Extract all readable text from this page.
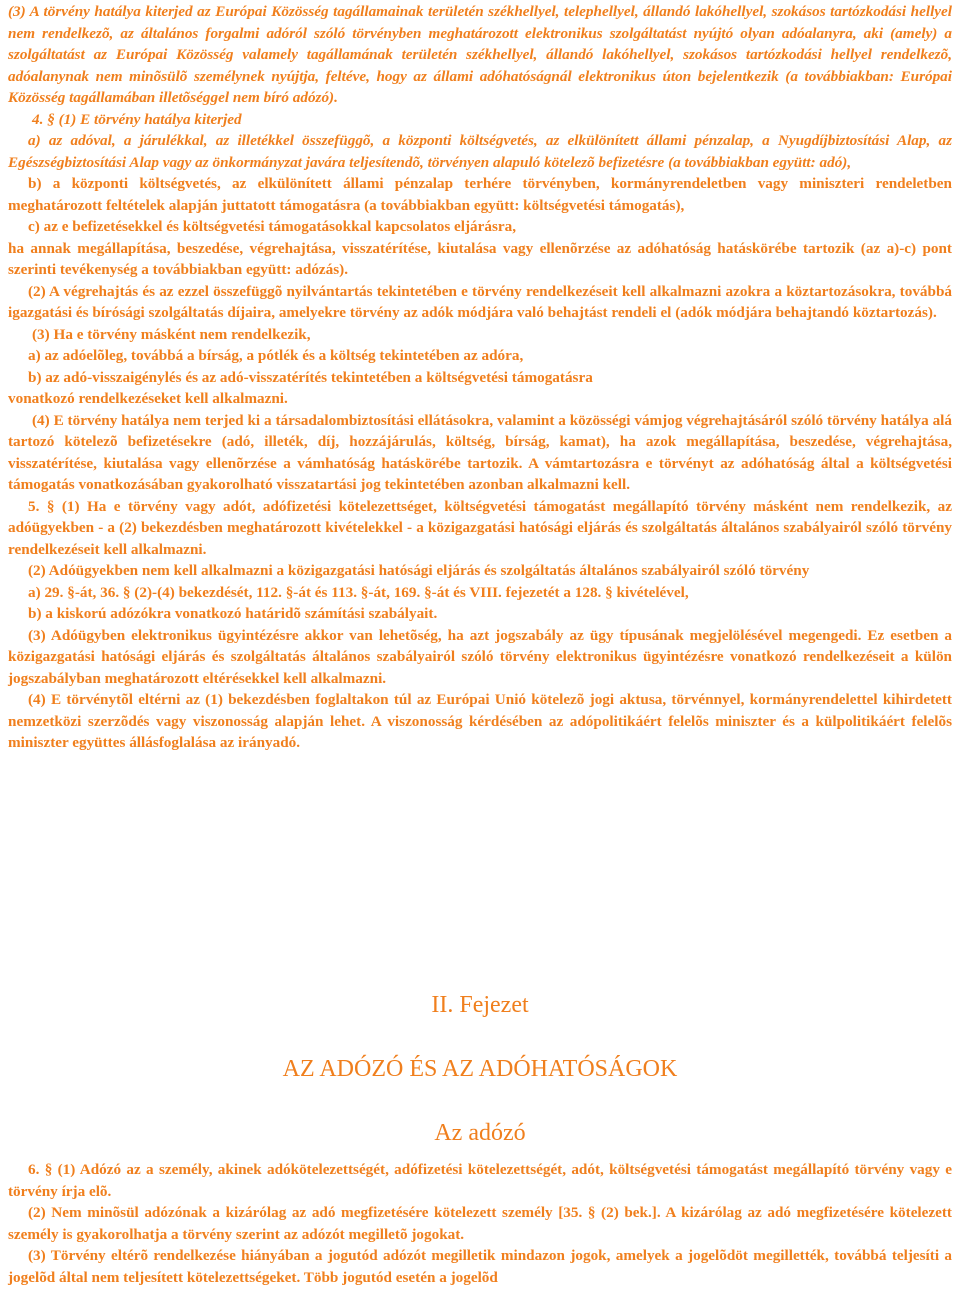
(3) A törvény hatálya kiterjed az Európai Közösség tagállamainak területén székhellyel, telephellyel, állandó lakóhellyel, szokásos tartózkodási hellyel nem rendelkezõ, az általános forgalmi adóról szóló törvényben meghatározott elektronikus szolgáltatást nyújtó olyan adóalanyra, aki (amely) a szolgáltatást az Európai Közösség valamely tagállamának területén székhellyel, állandó lakóhellyel, szokásos tartózkodási hellyel rendelkezõ, adóalanynak nem minõsülõ személynek nyújtja, feltéve, hogy az állami adóhatóságnál elektronikus úton bejelentkezik (a továbbiakban: Európai Közösség tagállamában illetõséggel nem bíró adózó).

4. § (1) E törvény hatálya kiterjed

a) az adóval, a járulékkal, az illetékkel összefüggõ, a központi költségvetés, az elkülönített állami pénzalap, a Nyugdíjbiztosítási Alap, az Egészségbiztosítási Alap vagy az önkormányzat javára teljesítendõ, törvényen alapuló kötelezõ befizetésre (a továbbiakban együtt: adó),

b) a központi költségvetés, az elkülönített állami pénzalap terhére törvényben, kormányrendeletben vagy miniszteri rendeletben meghatározott feltételek alapján juttatott támogatásra (a továbbiakban együtt: költségvetési támogatás),

c) az e befizetésekkel és költségvetési támogatásokkal kapcsolatos eljárásra,

ha annak megállapítása, beszedése, végrehajtása, visszatérítése, kiutalása vagy ellenõrzése az adóhatóság hatáskörébe tartozik (az a)-c) pont szerinti tevékenység a továbbiakban együtt: adózás).

(2) A végrehajtás és az ezzel összefüggõ nyilvántartás tekintetében e törvény rendelkezéseit kell alkalmazni azokra a köztartozásokra, továbbá igazgatási és bírósági szolgáltatás díjaira, amelyekre törvény az adók módjára való behajtást rendeli el (adók módjára behajtandó köztartozás).

(3) Ha e törvény másként nem rendelkezik,

a) az adóelõleg, továbbá a bírság, a pótlék és a költség tekintetében az adóra,

b) az adó-visszaigénylés és az adó-visszatérítés tekintetében a költségvetési támogatásra

vonatkozó rendelkezéseket kell alkalmazni.

(4) E törvény hatálya nem terjed ki a társadalombiztosítási ellátásokra, valamint a közösségi vámjog végrehajtásáról szóló törvény hatálya alá tartozó kötelezõ befizetésekre (adó, illeték, díj, hozzájárulás, költség, bírság, kamat), ha azok megállapítása, beszedése, végrehajtása, visszatérítése, kiutalása vagy ellenõrzése a vámhatóság hatáskörébe tartozik. A vámtartozásra e törvényt az adóhatóság által a költségvetési támogatás vonatkozásában gyakorolható visszatartási jog tekintetében azonban alkalmazni kell.

5. § (1) Ha e törvény vagy adót, adófizetési kötelezettséget, költségvetési támogatást megállapító törvény másként nem rendelkezik, az adóügyekben - a (2) bekezdésben meghatározott kivételekkel - a közigazgatási hatósági eljárás és szolgáltatás általános szabályairól szóló törvény rendelkezéseit kell alkalmazni.

(2) Adóügyekben nem kell alkalmazni a közigazgatási hatósági eljárás és szolgáltatás általános szabályairól szóló törvény

a) 29. §-át, 36. § (2)-(4) bekezdését, 112. §-át és 113. §-át, 169. §-át és VIII. fejezetét a 128. § kivételével,

b) a kiskorú adózókra vonatkozó határidõ számítási szabályait.

(3) Adóügyben elektronikus ügyintézésre akkor van lehetõség, ha azt jogszabály az ügy típusának megjelölésével megengedi. Ez esetben a közigazgatási hatósági eljárás és szolgáltatás általános szabályairól szóló törvény elektronikus ügyintézésre vonatkozó rendelkezéseit a külön jogszabályban meghatározott eltérésekkel kell alkalmazni.

(4) E törvénytõl eltérni az (1) bekezdésben foglaltakon túl az Európai Unió kötelezõ jogi aktusa, törvénnyel, kormányrendelettel kihirdetett nemzetközi szerzõdés vagy viszonosság alapján lehet. A viszonosság kérdésében az adópolitikáért felelõs miniszter és a külpolitikáért felelõs miniszter együttes állásfoglalása az irányadó.

II. Fejezet

AZ ADÓZÓ ÉS AZ ADÓHATÓSÁGOK

Az adózó

6. § (1) Adózó az a személy, akinek adókötelezettségét, adófizetési kötelezettségét, adót, költségvetési támogatást megállapító törvény vagy e törvény írja elõ.

(2) Nem minõsül adózónak a kizárólag az adó megfizetésére kötelezett személy [35. § (2) bek.]. A kizárólag az adó megfizetésére kötelezett személy is gyakorolhatja a törvény szerint az adózót megilletõ jogokat.

(3) Törvény eltérõ rendelkezése hiányában a jogutód adózót megilletik mindazon jogok, amelyek a jogelõdöt megillették, továbbá teljesíti a jogelõd által nem teljesített kötelezettségeket. Több jogutód esetén a jogelõd
